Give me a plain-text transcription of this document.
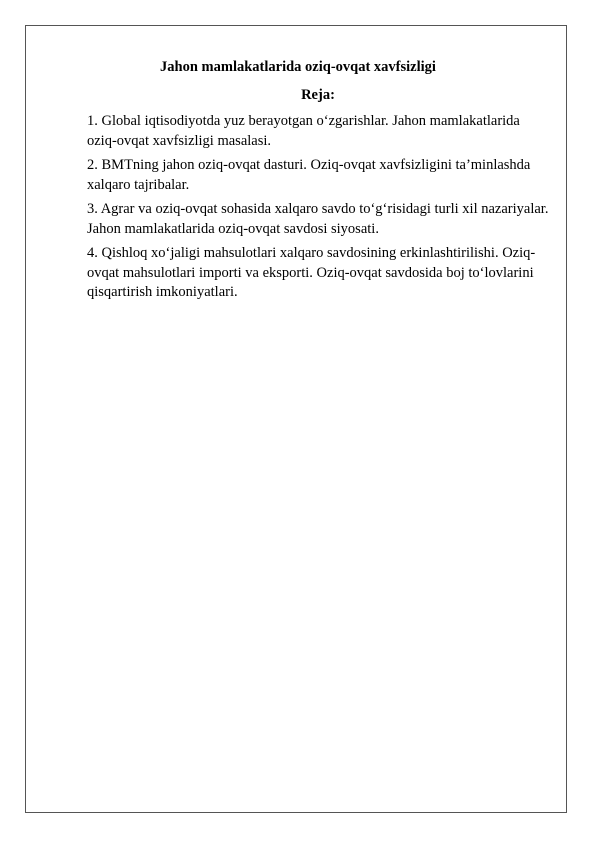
Jahon mamlakatlarida oziq-ovqat xavfsizligi
Reja:
1. Global iqtisodiyotda yuz berayotgan o‘zgarishlar. Jahon mamlakatlarida oziq-ovqat xavfsizligi masalasi.
2. BMTning jahon oziq-ovqat dasturi. Oziq-ovqat xavfsizligini ta’minlashda xalqaro tajribalar.
3. Agrar va oziq-ovqat sohasida xalqaro savdo to‘g‘risidagi turli xil nazariyalar. Jahon mamlakatlarida oziq-ovqat savdosi siyosati.
4. Qishloq xo‘jaligi mahsulotlari xalqaro savdosining erkinlashtirilishi. Oziq-ovqat mahsulotlari importi va eksporti. Oziq-ovqat savdosida boj to‘lovlarini qisqartirish imkoniyatlari.
